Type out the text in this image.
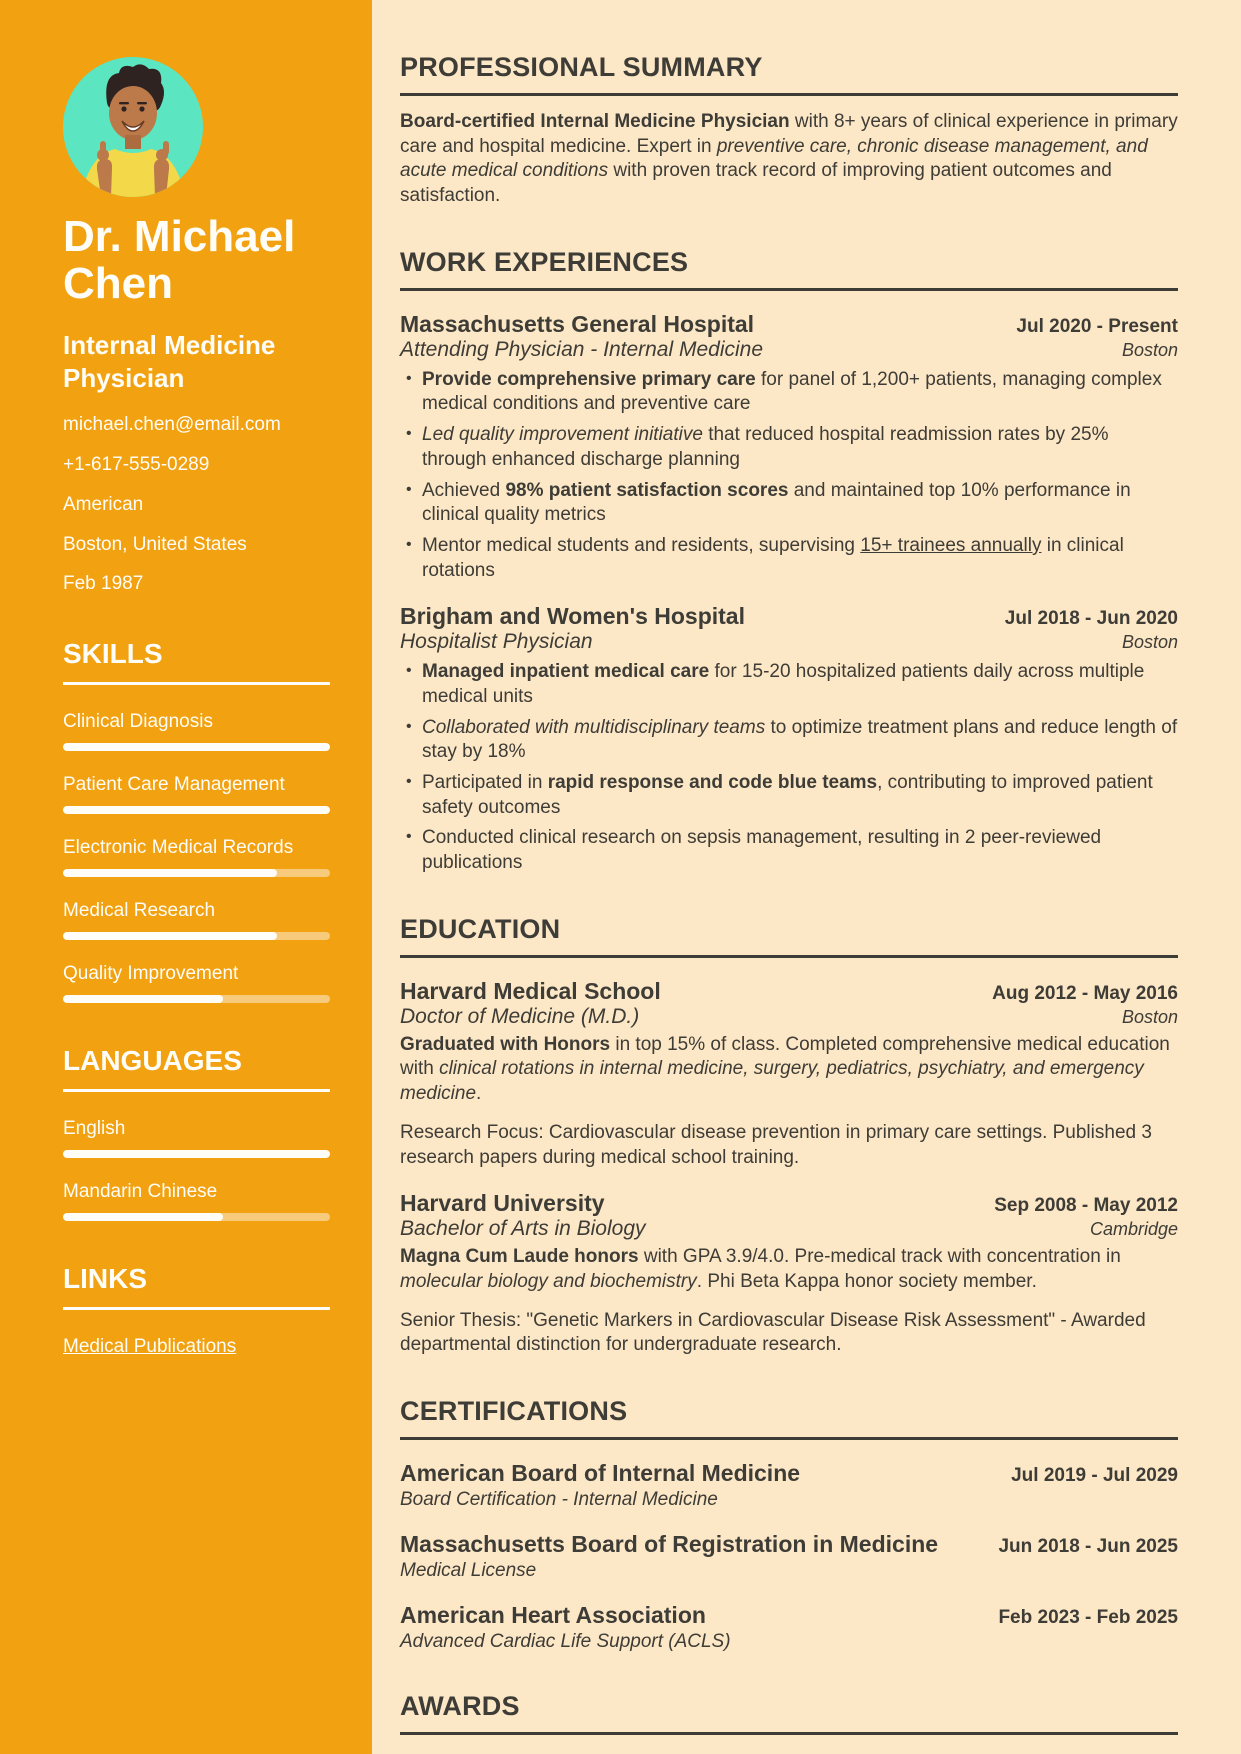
Dr. Michael Chen
Internal Medicine Physician

michael.chen@email.com

+1-617-555-0289

American

Boston, United States

Feb 1987

SKILLS

Clinical Diagnosis

Patient Care Management

Electronic Medical Records

Medical Research

Quality Improvement

LANGUAGES

English

Mandarin Chinese

LINKS
Medical Publications
PROFESSIONAL SUMMARY

Board-certified Internal Medicine Physician with 8+ years of clinical experience in primary care and hospital medicine. Expert in preventive care, chronic disease management, and acute medical conditions with proven track record of improving patient outcomes and satisfaction.

WORK EXPERIENCES
Massachusetts General Hospital	Jul 2020 - Present
Attending Physician - Internal Medicine	Boston
• Provide comprehensive primary care for panel of 1,200+ patients, managing complex medical conditions and preventive care
• Led quality improvement initiative that reduced hospital readmission rates by 25% through enhanced discharge planning
• Achieved 98% patient satisfaction scores and maintained top 10% performance in clinical quality metrics
• Mentor medical students and residents, supervising 15+ trainees annually in clinical rotations
Brigham and Women's Hospital	Jul 2018 - Jun 2020
Hospitalist Physician	Boston
• Managed inpatient medical care for 15-20 hospitalized patients daily across multiple medical units
• Collaborated with multidisciplinary teams to optimize treatment plans and reduce length of stay by 18%
• Participated in rapid response and code blue teams, contributing to improved patient safety outcomes
• Conducted clinical research on sepsis management, resulting in 2 peer-reviewed publications
EDUCATION
Harvard Medical School	Aug 2012 - May 2016
Doctor of Medicine (M.D.)	Boston

Graduated with Honors in top 15% of class. Completed comprehensive medical education with clinical rotations in internal medicine, surgery, pediatrics, psychiatry, and emergency medicine.

Research Focus: Cardiovascular disease prevention in primary care settings. Published 3 research papers during medical school training.

Harvard University	Sep 2008 - May 2012
Bachelor of Arts in Biology	Cambridge

Magna Cum Laude honors with GPA 3.9/4.0. Pre-medical track with concentration in molecular biology and biochemistry. Phi Beta Kappa honor society member.

Senior Thesis: "Genetic Markers in Cardiovascular Disease Risk Assessment" - Awarded departmental distinction for undergraduate research.

CERTIFICATIONS
American Board of Internal Medicine	Jul 2019 - Jul 2029

Board Certification - Internal Medicine

Massachusetts Board of Registration in Medicine	Jun 2018 - Jun 2025

Medical License

American Heart Association	Feb 2023 - Feb 2025

Advanced Cardiac Life Support (ACLS)

AWARDS
